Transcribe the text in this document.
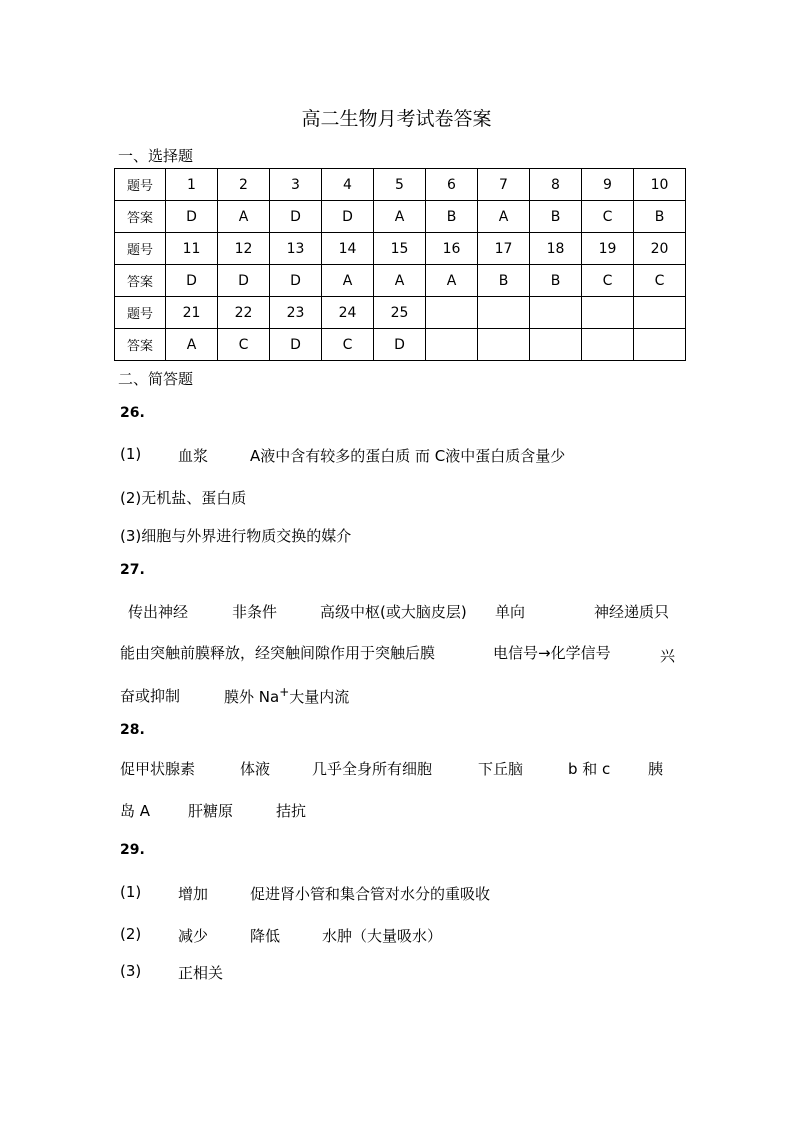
高二生物月考试卷答案
一、选择题
题号	1	2	3	4	5	6	7	8	9	10
答案	D	A	D	D	A	B	A	B	C	B
题号	11	12	13	14	15	16	17	18	19	20
答案	D	D	D	A	A	A	B	B	C	C
题号	21	22	23	24	25					
答案	A	C	D	C	D					
二、简答题
26.
(1) 血浆	A液中含有较多的蛋白质 而 C液中蛋白质含量少
(2)无机盐、蛋白质
(3)细胞与外界进行物质交换的媒介
27.
传出神经	非条件	高级中枢(或大脑皮层) 单向	神经递质只
能由突触前膜释放，经突触间隙作用于突触后膜	电信号→化学信号	兴
奋或抑制	膜外 Na+大量内流
28.
促甲状腺素	体液	几乎全身所有细胞	下丘脑	b 和 c	胰
岛 A	肝糖原	拮抗
29.
(1) 增加	促进肾小管和集合管对水分的重吸收
(2) 减少	降低	水肿（大量吸水）
(3) 正相关
